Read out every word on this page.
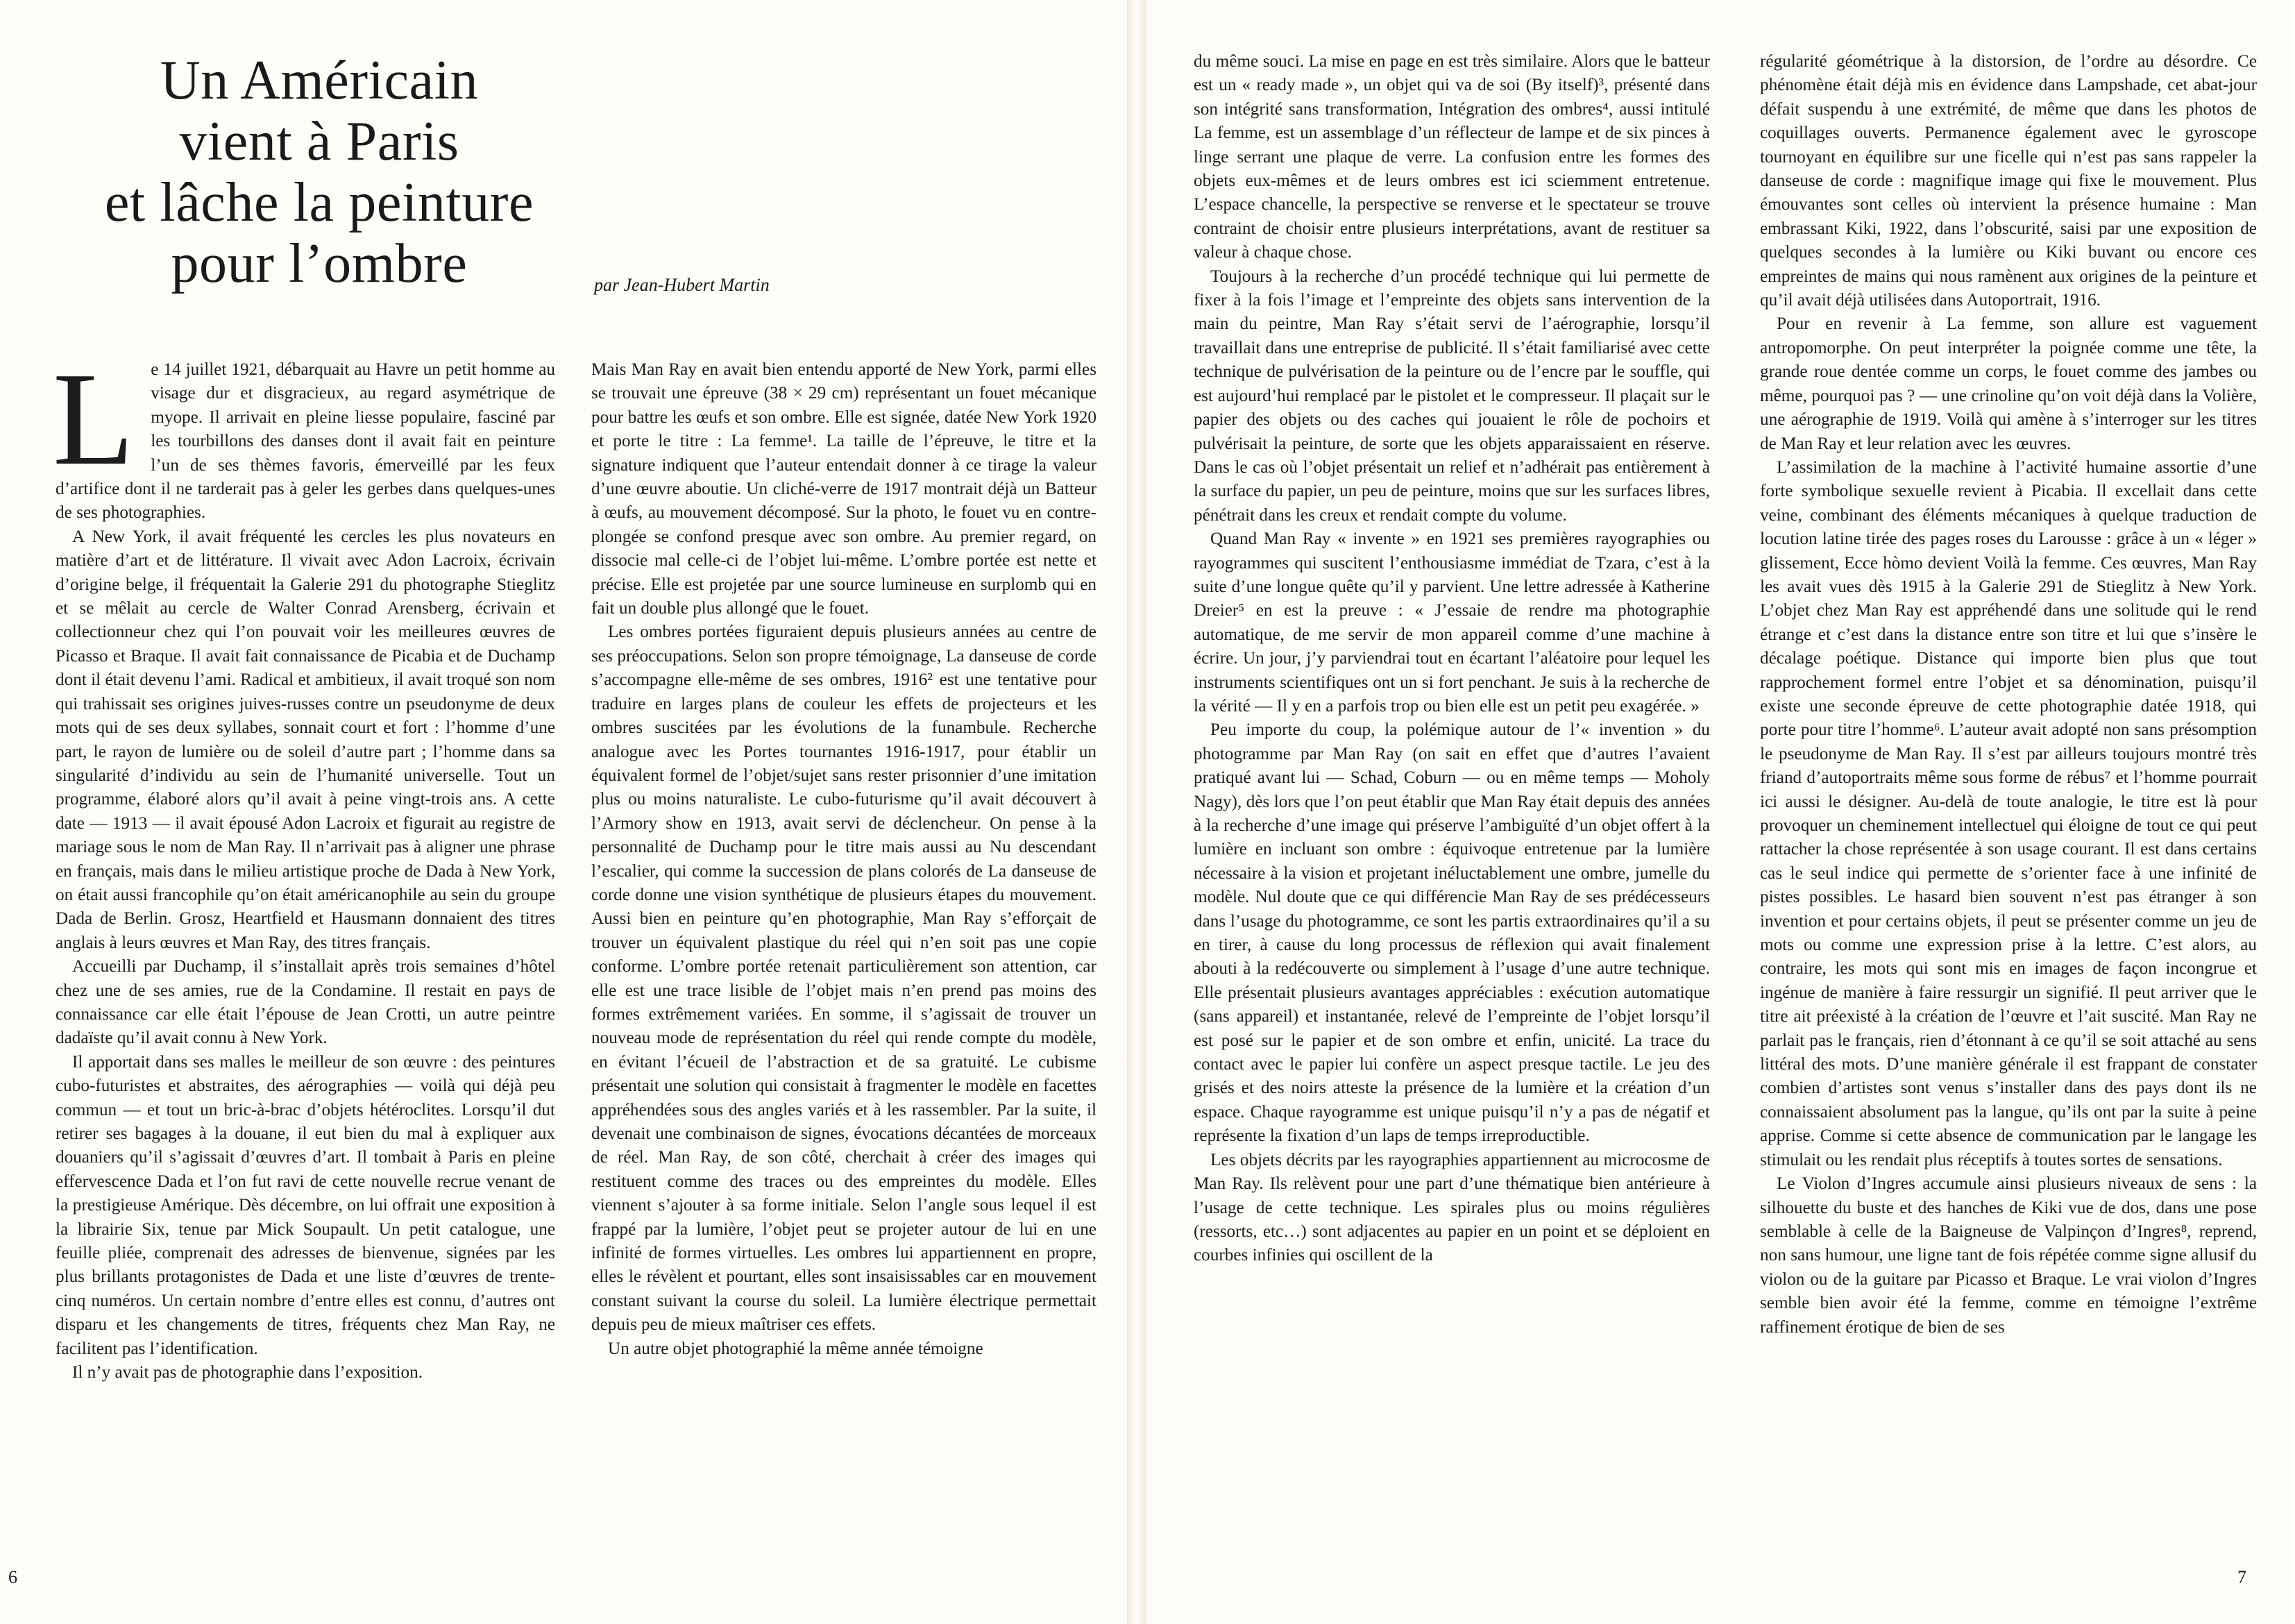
Un Américain
vient à Paris
et lâche la peinture
pour l’ombre	par Jean-Hubert Martin
L	e 14 juillet 1921, débarquait au Havre un petit homme au visage dur et disgracieux, au regard asymétrique de myope. Il arrivait en pleine liesse populaire, fasciné par les tourbillons des danses dont il avait fait en peinture l’un de ses thèmes favoris, émerveillé par les feux d’artifice dont il ne tarderait pas à geler les gerbes dans quelques-unes de ses photographies.

A New York, il avait fréquenté les cercles les plus novateurs en matière d’art et de littérature. Il vivait avec Adon Lacroix, écrivain d’origine belge, il fréquentait la Galerie 291 du photographe Stieglitz et se mêlait au cercle de Walter Conrad Arensberg, écrivain et collectionneur chez qui l’on pouvait voir les meilleures œuvres de Picasso et Braque. Il avait fait connaissance de Picabia et de Duchamp dont il était devenu l’ami. Radical et ambitieux, il avait troqué son nom qui trahissait ses origines juives-russes contre un pseudonyme de deux mots qui de ses deux syllabes, sonnait court et fort : l’homme d’une part, le rayon de lumière ou de soleil d’autre part ; l’homme dans sa singularité d’individu au sein de l’humanité universelle. Tout un programme, élaboré alors qu’il avait à peine vingt-trois ans. A cette date — 1913 — il avait épousé Adon Lacroix et figurait au registre de mariage sous le nom de Man Ray. Il n’arrivait pas à aligner une phrase en français, mais dans le milieu artistique proche de Dada à New York, on était aussi francophile qu’on était américanophile au sein du groupe Dada de Berlin. Grosz, Heartfield et Hausmann donnaient des titres anglais à leurs œuvres et Man Ray, des titres français.

Accueilli par Duchamp, il s’installait après trois semaines d’hôtel chez une de ses amies, rue de la Condamine. Il restait en pays de connaissance car elle était l’épouse de Jean Crotti, un autre peintre dadaïste qu’il avait connu à New York.

Il apportait dans ses malles le meilleur de son œuvre : des peintures cubo-futuristes et abstraites, des aérographies — voilà qui déjà peu commun — et tout un bric-à-brac d’objets hétéroclites. Lorsqu’il dut retirer ses bagages à la douane, il eut bien du mal à expliquer aux douaniers qu’il s’agissait d’œuvres d’art. Il tombait à Paris en pleine effervescence Dada et l’on fut ravi de cette nouvelle recrue venant de la prestigieuse Amérique. Dès décembre, on lui offrait une exposition à la librairie Six, tenue par Mick Soupault. Un petit catalogue, une feuille pliée, comprenait des adresses de bienvenue, signées par les plus brillants protagonistes de Dada et une liste d’œuvres de trente-cinq numéros. Un certain nombre d’entre elles est connu, d’autres ont disparu et les changements de titres, fréquents chez Man Ray, ne facilitent pas l’identification.

Il n’y avait pas de photographie dans l’exposition.

Mais Man Ray en avait bien entendu apporté de New York, parmi elles se trouvait une épreuve (38 × 29 cm) représentant un fouet mécanique pour battre les œufs et son ombre. Elle est signée, datée New York 1920 et porte le titre : La femme¹. La taille de l’épreuve, le titre et la signature indiquent que l’auteur entendait donner à ce tirage la valeur d’une œuvre aboutie. Un cliché-verre de 1917 montrait déjà un Batteur à œufs, au mouvement décomposé. Sur la photo, le fouet vu en contre-plongée se confond presque avec son ombre. Au premier regard, on dissocie mal celle-ci de l’objet lui-même. L’ombre portée est nette et précise. Elle est projetée par une source lumineuse en surplomb qui en fait un double plus allongé que le fouet.

Les ombres portées figuraient depuis plusieurs années au centre de ses préoccupations. Selon son propre témoignage, La danseuse de corde s’accompagne elle-même de ses ombres, 1916² est une tentative pour traduire en larges plans de couleur les effets de projecteurs et les ombres suscitées par les évolutions de la funambule. Recherche analogue avec les Portes tournantes 1916-1917, pour établir un équivalent formel de l’objet/sujet sans rester prisonnier d’une imitation plus ou moins naturaliste. Le cubo-futurisme qu’il avait découvert à l’Armory show en 1913, avait servi de déclencheur. On pense à la personnalité de Duchamp pour le titre mais aussi au Nu descendant l’escalier, qui comme la succession de plans colorés de La danseuse de corde donne une vision synthétique de plusieurs étapes du mouvement. Aussi bien en peinture qu’en photographie, Man Ray s’efforçait de trouver un équivalent plastique du réel qui n’en soit pas une copie conforme. L’ombre portée retenait particulièrement son attention, car elle est une trace lisible de l’objet mais n’en prend pas moins des formes extrêmement variées. En somme, il s’agissait de trouver un nouveau mode de représentation du réel qui rende compte du modèle, en évitant l’écueil de l’abstraction et de sa gratuité. Le cubisme présentait une solution qui consistait à fragmenter le modèle en facettes appréhendées sous des angles variés et à les rassembler. Par la suite, il devenait une combinaison de signes, évocations décantées de morceaux de réel. Man Ray, de son côté, cherchait à créer des images qui restituent comme des traces ou des empreintes du modèle. Elles viennent s’ajouter à sa forme initiale. Selon l’angle sous lequel il est frappé par la lumière, l’objet peut se projeter autour de lui en une infinité de formes virtuelles. Les ombres lui appartiennent en propre, elles le révèlent et pourtant, elles sont insaisissables car en mouvement constant suivant la course du soleil. La lumière électrique permettait depuis peu de mieux maîtriser ces effets.

Un autre objet photographié la même année témoigne

du même souci. La mise en page en est très similaire. Alors que le batteur est un « ready made », un objet qui va de soi (By itself)³, présenté dans son intégrité sans transformation, Intégration des ombres⁴, aussi intitulé La femme, est un assemblage d’un réflecteur de lampe et de six pinces à linge serrant une plaque de verre. La confusion entre les formes des objets eux-mêmes et de leurs ombres est ici sciemment entretenue. L’espace chancelle, la perspective se renverse et le spectateur se trouve contraint de choisir entre plusieurs interprétations, avant de restituer sa valeur à chaque chose.

Toujours à la recherche d’un procédé technique qui lui permette de fixer à la fois l’image et l’empreinte des objets sans intervention de la main du peintre, Man Ray s’était servi de l’aérographie, lorsqu’il travaillait dans une entreprise de publicité. Il s’était familiarisé avec cette technique de pulvérisation de la peinture ou de l’encre par le souffle, qui est aujourd’hui remplacé par le pistolet et le compresseur. Il plaçait sur le papier des objets ou des caches qui jouaient le rôle de pochoirs et pulvérisait la peinture, de sorte que les objets apparaissaient en réserve. Dans le cas où l’objet présentait un relief et n’adhérait pas entièrement à la surface du papier, un peu de peinture, moins que sur les surfaces libres, pénétrait dans les creux et rendait compte du volume.

Quand Man Ray « invente » en 1921 ses premières rayographies ou rayogrammes qui suscitent l’enthousiasme immédiat de Tzara, c’est à la suite d’une longue quête qu’il y parvient. Une lettre adressée à Katherine Dreier⁵ en est la preuve : « J’essaie de rendre ma photographie automatique, de me servir de mon appareil comme d’une machine à écrire. Un jour, j’y parviendrai tout en écartant l’aléatoire pour lequel les instruments scientifiques ont un si fort penchant. Je suis à la recherche de la vérité — Il y en a parfois trop ou bien elle est un petit peu exagérée. »

Peu importe du coup, la polémique autour de l’« invention » du photogramme par Man Ray (on sait en effet que d’autres l’avaient pratiqué avant lui — Schad, Coburn — ou en même temps — Moholy Nagy), dès lors que l’on peut établir que Man Ray était depuis des années à la recherche d’une image qui préserve l’ambiguïté d’un objet offert à la lumière en incluant son ombre : équivoque entretenue par la lumière nécessaire à la vision et projetant inéluctablement une ombre, jumelle du modèle. Nul doute que ce qui différencie Man Ray de ses prédécesseurs dans l’usage du photogramme, ce sont les partis extraordinaires qu’il a su en tirer, à cause du long processus de réflexion qui avait finalement abouti à la redécouverte ou simplement à l’usage d’une autre technique. Elle présentait plusieurs avantages appréciables : exécution automatique (sans appareil) et instantanée, relevé de l’empreinte de l’objet lorsqu’il est posé sur le papier et de son ombre et enfin, unicité. La trace du contact avec le papier lui confère un aspect presque tactile. Le jeu des grisés et des noirs atteste la présence de la lumière et la création d’un espace. Chaque rayogramme est unique puisqu’il n’y a pas de négatif et représente la fixation d’un laps de temps irreproductible.

Les objets décrits par les rayographies appartiennent au microcosme de Man Ray. Ils relèvent pour une part d’une thématique bien antérieure à l’usage de cette technique. Les spirales plus ou moins régulières (ressorts, etc…) sont adjacentes au papier en un point et se déploient en courbes infinies qui oscillent de la

régularité géométrique à la distorsion, de l’ordre au désordre. Ce phénomène était déjà mis en évidence dans Lampshade, cet abat-jour défait suspendu à une extrémité, de même que dans les photos de coquillages ouverts. Permanence également avec le gyroscope tournoyant en équilibre sur une ficelle qui n’est pas sans rappeler la danseuse de corde : magnifique image qui fixe le mouvement. Plus émouvantes sont celles où intervient la présence humaine : Man embrassant Kiki, 1922, dans l’obscurité, saisi par une exposition de quelques secondes à la lumière ou Kiki buvant ou encore ces empreintes de mains qui nous ramènent aux origines de la peinture et qu’il avait déjà utilisées dans Autoportrait, 1916.

Pour en revenir à La femme, son allure est vaguement antropomorphe. On peut interpréter la poignée comme une tête, la grande roue dentée comme un corps, le fouet comme des jambes ou même, pourquoi pas ? — une crinoline qu’on voit déjà dans la Volière, une aérographie de 1919. Voilà qui amène à s’interroger sur les titres de Man Ray et leur relation avec les œuvres.

L’assimilation de la machine à l’activité humaine assortie d’une forte symbolique sexuelle revient à Picabia. Il excellait dans cette veine, combinant des éléments mécaniques à quelque traduction de locution latine tirée des pages roses du Larousse : grâce à un « léger » glissement, Ecce hòmo devient Voilà la femme. Ces œuvres, Man Ray les avait vues dès 1915 à la Galerie 291 de Stieglitz à New York. L’objet chez Man Ray est appréhendé dans une solitude qui le rend étrange et c’est dans la distance entre son titre et lui que s’insère le décalage poétique. Distance qui importe bien plus que tout rapprochement formel entre l’objet et sa dénomination, puisqu’il existe une seconde épreuve de cette photographie datée 1918, qui porte pour titre l’homme⁶. L’auteur avait adopté non sans présomption le pseudonyme de Man Ray. Il s’est par ailleurs toujours montré très friand d’autoportraits même sous forme de rébus⁷ et l’homme pourrait ici aussi le désigner. Au-delà de toute analogie, le titre est là pour provoquer un cheminement intellectuel qui éloigne de tout ce qui peut rattacher la chose représentée à son usage courant. Il est dans certains cas le seul indice qui permette de s’orienter face à une infinité de pistes possibles. Le hasard bien souvent n’est pas étranger à son invention et pour certains objets, il peut se présenter comme un jeu de mots ou comme une expression prise à la lettre. C’est alors, au contraire, les mots qui sont mis en images de façon incongrue et ingénue de manière à faire ressurgir un signifié. Il peut arriver que le titre ait préexisté à la création de l’œuvre et l’ait suscité. Man Ray ne parlait pas le français, rien d’étonnant à ce qu’il se soit attaché au sens littéral des mots. D’une manière générale il est frappant de constater combien d’artistes sont venus s’installer dans des pays dont ils ne connaissaient absolument pas la langue, qu’ils ont par la suite à peine apprise. Comme si cette absence de communication par le langage les stimulait ou les rendait plus réceptifs à toutes sortes de sensations.

Le Violon d’Ingres accumule ainsi plusieurs niveaux de sens : la silhouette du buste et des hanches de Kiki vue de dos, dans une pose semblable à celle de la Baigneuse de Valpinçon d’Ingres⁸, reprend, non sans humour, une ligne tant de fois répétée comme signe allusif du violon ou de la guitare par Picasso et Braque. Le vrai violon d’Ingres semble bien avoir été la femme, comme en témoigne l’extrême raffinement érotique de bien de ses

6	7
